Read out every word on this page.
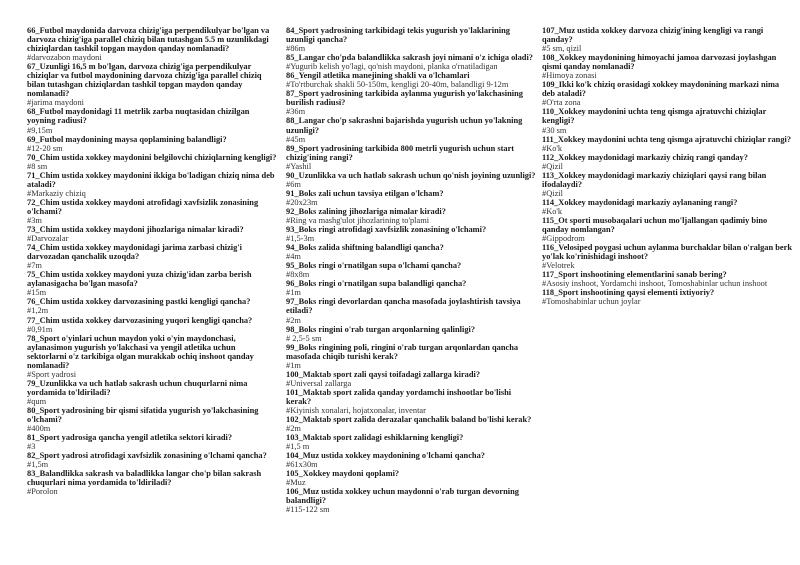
66_Futbol maydonida darvoza chizig'iga perpendikulyar bo'lgan va darvoza chizig'iga parallel chiziq bilan tutashgan 5.5 m uzunlikdagi chiziqlardan tashkil topgan maydon qanday nomlanadi?
#darvozabon maydoni
67_Uzunligi 16,5 m bo'lgan, darvoza chizig'iga perpendikulyar chiziqlar va futbol maydonining darvoza chizig'iga parallel chiziq bilan tutashgan chiziqlardan tashkil topgan maydon qanday nomlanadi?
#jarima maydoni
68_Futbol maydonidagi 11 metrlik zarba nuqtasidan chizilgan yoyning radiusi?
#9,15m
69_Futbol maydonining maysa qoplamining balandligi?
#12-20 sm
70_Chim ustida xokkey maydonini belgilovchi chiziqlarning kengligi?
#8 sm
71_Chim ustida xokkey maydonini ikkiga bo'ladigan chiziq nima deb ataladi?
#Markaziy chiziq
72_Chim ustida xokkey maydoni atrofidagi xavfsizlik zonasining o'lchami?
#3m
73_Chim ustida xokkey maydoni jihozlariga nimalar kiradi?
#Darvozalar
74_Chim ustida xokkey maydonidagi jarima zarbasi chizig'i darvozadan qanchalik uzoqda?
#7m
75_Chim ustida xokkey maydoni yuza chizig'idan zarba berish aylanasigacha bo'lgan masofa?
#15m
76_Chim ustida xokkey darvozasining pastki kengligi qancha?
#1,2m
77_Chim ustida xokkey darvozasining yuqori kengligi qancha?
#0,91m
78_Sport o'yinlari uchun maydon yoki o'yin maydonchasi, aylanasimon yugurish yo'lakchasi va yengil atletika uchun sektorlarni o'z tarkibiga olgan murakkab ochiq inshoot qanday nomlanadi?
#Sport yadrosi
79_Uzunlikka va uch hatlab sakrash uchun chuqurlarni nima yordamida to'ldiriladi?
#qum
80_Sport yadrosining bir qismi sifatida yugurish yo'lakchasining o'lchami?
#400m
81_Sport yadrosiga qancha yengil atletika sektori kiradi?
#3
82_Sport yadrosi atrofidagi xavfsizlik zonasining o'lchami qancha?
#1,5m
83_Balandlikka sakrash va baladlikka langar cho'p bilan sakrash chuqurlari nima yordamida to'ldiriladi?
#Porolon
84_Sport yadrosining tarkibidagi tekis yugurish yo'laklarining uzunligi qancha?
#86m
85_Langar cho'pda balandlikka sakrash joyi nimani o'z ichiga oladi?
#Yugurib kelish yo'lagi, qo'nish maydoni, planka o'rnatiladigan
86_Yengil atletika manejining shakli va o'lchamlari
#To'rtburchak shakli 50-150m, kengligi 20-40m, balandligi 9-12m
87_Sport yadrosining tarkibida aylanma yugurish yo'lakchasining burilish radiusi?
#36m
88_Langar cho'p sakrashni bajarishda yugurish uchun yo'lakning uzunligi?
#45m
89_Sport yadrosining tarkibida 800 metrli yugurish uchun start chizig'ining rangi?
#Yashil
90_Uzunlikka va uch hatlab sakrash uchun qo'nish joyining uzunligi?
#6m
91_Boks zali uchun tavsiya etilgan o'lcham?
#20x23m
92_Boks zalining jihozlariga nimalar kiradi?
#Ring va mashg'ulot jihozlarining to'plami
93_Boks ringi atrofidagi xavfsizlik zonasining o'lchami?
#1,5-3m
94_Boks zalida shiftning balandligi qancha?
#4m
95_Boks ringi o'rnatilgan supa o'lchami qancha?
#8x8m
96_Boks ringi o'rnatilgan supa balandligi qancha?
#1m
97_Boks ringi devorlardan qancha masofada joylashtirish tavsiya etiladi?
#2m
98_Boks ringini o'rab turgan arqonlarning qalinligi?
# 2,5-5 sm
99_Boks ringining poli, ringini o'rab turgan arqonlardan qancha masofada chiqib turishi kerak?
#1m
100_Maktab sport zali qaysi toifadagi zallarga kiradi?
#Universal zallarga
101_Maktab sport zalida qanday yordamchi inshootlar bo'lishi kerak?
#Kiyinish xonalari, hojatxonalar, inventar
102_Maktab sport zalida derazalar qanchalik baland bo'lishi kerak?
#2m
103_Maktab sport zalidagi eshiklarning kengligi?
#1,5 m
104_Muz ustida xokkey maydonining o'lchami qancha?
#61x30m
105_Xokkey maydoni qoplami?
#Muz
106_Muz ustida xokkey uchun maydonni o'rab turgan devorning balandligi?
#115-122 sm
107_Muz ustida xokkey darvoza chizig'ining kengligi va rangi qanday?
#5 sm, qizil
108_Xokkey maydonining himoyachi jamoa darvozasi joylashgan qismi qanday nomlanadi?
#Himoya zonasi
109_Ikki ko'k chiziq orasidagi xokkey maydonining markazi nima deb ataladi?
#O'rta zona
110_Xokkey maydonini uchta teng qismga ajratuvchi chiziqlar kengligi?
#30 sm
111_Xokkey maydonini uchta teng qismga ajratuvchi chiziqlar rangi?
#Ko'k
112_Xokkey maydonidagi markaziy chiziq rangi qanday?
#Qizil
113_Xokkey maydonidagi markaziy chiziqlari qaysi rang bilan ifodalaydi?
#Qizil
114_Xokkey maydonidagi markaziy aylananing rangi?
#Ko'k
115_Ot sporti musobaqalari uchun mo'ljallangan qadimiy bino qanday nomlangan?
#Gippodrom
116_Velosiped poygasi uchun aylanma burchaklar bilan o'ralgan berk yo'lak ko'rinishidagi inshoot?
#Velotrek
117_Sport inshootining elementlarini sanab bering?
#Asosiy inshoot, Yordamchi inshoot, Tomoshabinlar uchun inshoot
118_Sport inshootining qaysi elementi ixtiyoriy?
#Tomoshabinlar uchun joylar
